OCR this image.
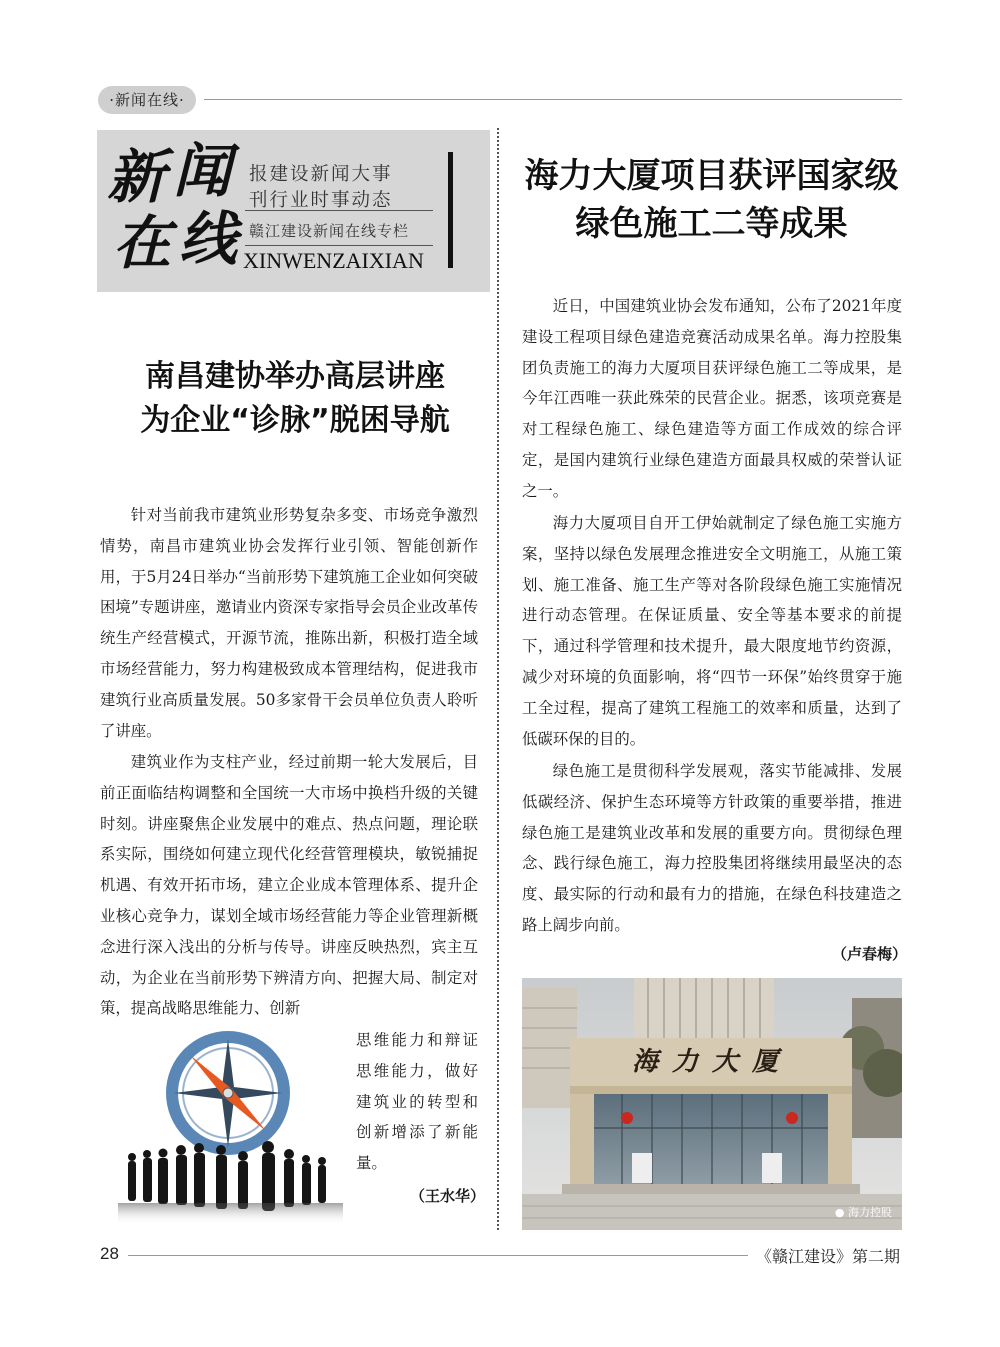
·新闻在线·
新 闻
在 线
报建设新闻大事
刊行业时事动态
赣江建设新闻在线专栏
XINWENZAIXIAN
南昌建协举办高层讲座
为企业“诊脉”脱困导航

针对当前我市建筑业形势复杂多变、市场竞争激烈情势，南昌市建筑业协会发挥行业引领、智能创新作用，于5月24日举办“当前形势下建筑施工企业如何突破困境”专题讲座，邀请业内资深专家指导会员企业改革传统生产经营模式，开源节流，推陈出新，积极打造全域市场经营能力，努力构建极致成本管理结构，促进我市建筑行业高质量发展。50多家骨干会员单位负责人聆听了讲座。

建筑业作为支柱产业，经过前期一轮大发展后，目前正面临结构调整和全国统一大市场中换档升级的关键时刻。讲座聚焦企业发展中的难点、热点问题，理论联系实际，围绕如何建立现代化经营管理模块，敏锐捕捉机遇、有效开拓市场，建立企业成本管理体系、提升企业核心竞争力，谋划全域市场经营能力等企业管理新概念进行深入浅出的分析与传导。讲座反映热烈，宾主互动，为企业在当前形势下辨清方向、把握大局、制定对策，提高战略思维能力、创新

思维能力和辩证思维能力，做好建筑业的转型和创新增添了新能量。

（王水华）
海力大厦项目获评国家级
绿色施工二等成果

近日，中国建筑业协会发布通知，公布了2021年度建设工程项目绿色建造竞赛活动成果名单。海力控股集团负责施工的海力大厦项目获评绿色施工二等成果，是今年江西唯一获此殊荣的民营企业。据悉，该项竞赛是对工程绿色施工、绿色建造等方面工作成效的综合评定，是国内建筑行业绿色建造方面最具权威的荣誉认证之一。

海力大厦项目自开工伊始就制定了绿色施工实施方案，坚持以绿色发展理念推进安全文明施工，从施工策划、施工准备、施工生产等对各阶段绿色施工实施情况进行动态管理。在保证质量、安全等基本要求的前提下，通过科学管理和技术提升，最大限度地节约资源，减少对环境的负面影响，将“四节一环保”始终贯穿于施工全过程，提高了建筑工程施工的效率和质量，达到了低碳环保的目的。

绿色施工是贯彻科学发展观，落实节能减排、发展低碳经济、保护生态环境等方针政策的重要举措，推进绿色施工是建筑业改革和发展的重要方向。贯彻绿色理念、践行绿色施工，海力控股集团将继续用最坚决的态度、最实际的行动和最有力的措施，在绿色科技建造之路上阔步向前。

（卢春梅）
海力大厦
● 海力控股
28	《赣江建设》第二期
